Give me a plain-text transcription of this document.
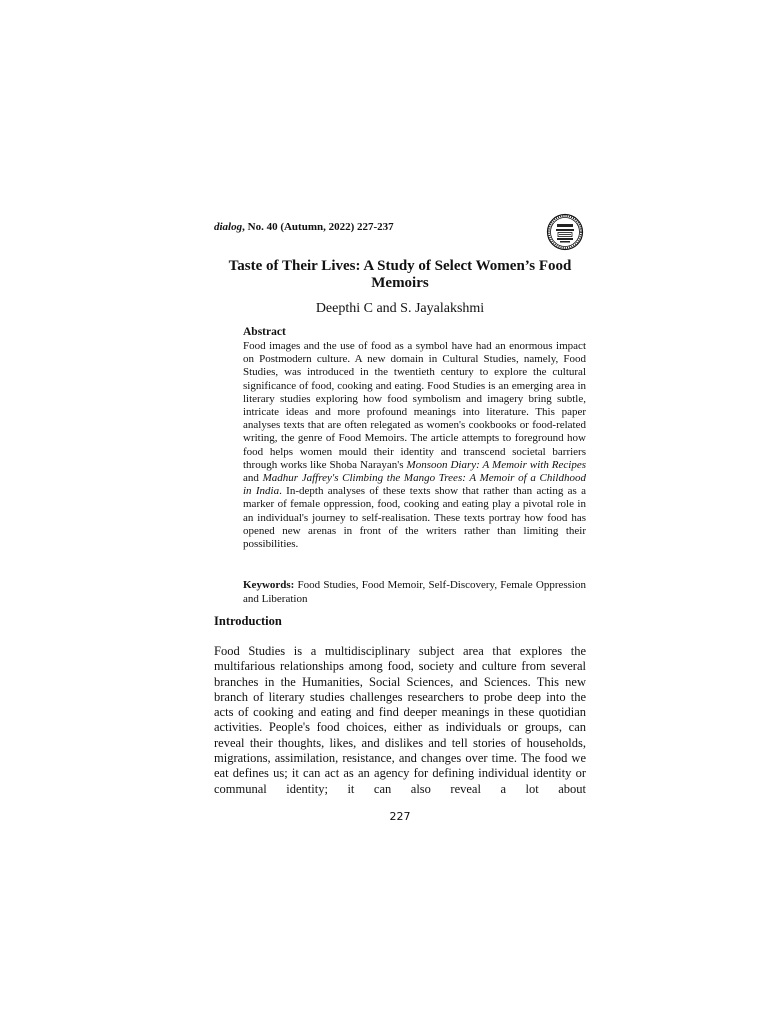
dialog, No. 40 (Autumn, 2022) 227-237
Taste of Their Lives: A Study of Select Women’s Food Memoirs
Deepthi C and S. Jayalakshmi
Abstract
Food images and the use of food as a symbol have had an enormous impact on Postmodern culture. A new domain in Cultural Studies, namely, Food Studies, was introduced in the twentieth century to explore the cultural significance of food, cooking and eating. Food Studies is an emerging area in literary studies exploring how food symbolism and imagery bring subtle, intricate ideas and more profound meanings into literature. This paper analyses texts that are often relegated as women's cookbooks or food-related writing, the genre of Food Memoirs. The article attempts to foreground how food helps women mould their identity and transcend societal barriers through works like Shoba Narayan's Monsoon Diary: A Memoir with Recipes and Madhur Jaffrey's Climbing the Mango Trees: A Memoir of a Childhood in India. In-depth analyses of these texts show that rather than acting as a marker of female oppression, food, cooking and eating play a pivotal role in an individual's journey to self-realisation. These texts portray how food has opened new arenas in front of the writers rather than limiting their possibilities.
Keywords: Food Studies, Food Memoir, Self-Discovery, Female Oppression and Liberation
Introduction
Food Studies is a multidisciplinary subject area that explores the multifarious relationships among food, society and culture from several branches in the Humanities, Social Sciences, and Sciences. This new branch of literary studies challenges researchers to probe deep into the acts of cooking and eating and find deeper meanings in these quotidian activities. People's food choices, either as individuals or groups, can reveal their thoughts, likes, and dislikes and tell stories of households, migrations, assimilation, resistance, and changes over time. The food we eat defines us; it can act as an agency for defining individual identity or communal identity; it can also reveal a lot about
227
